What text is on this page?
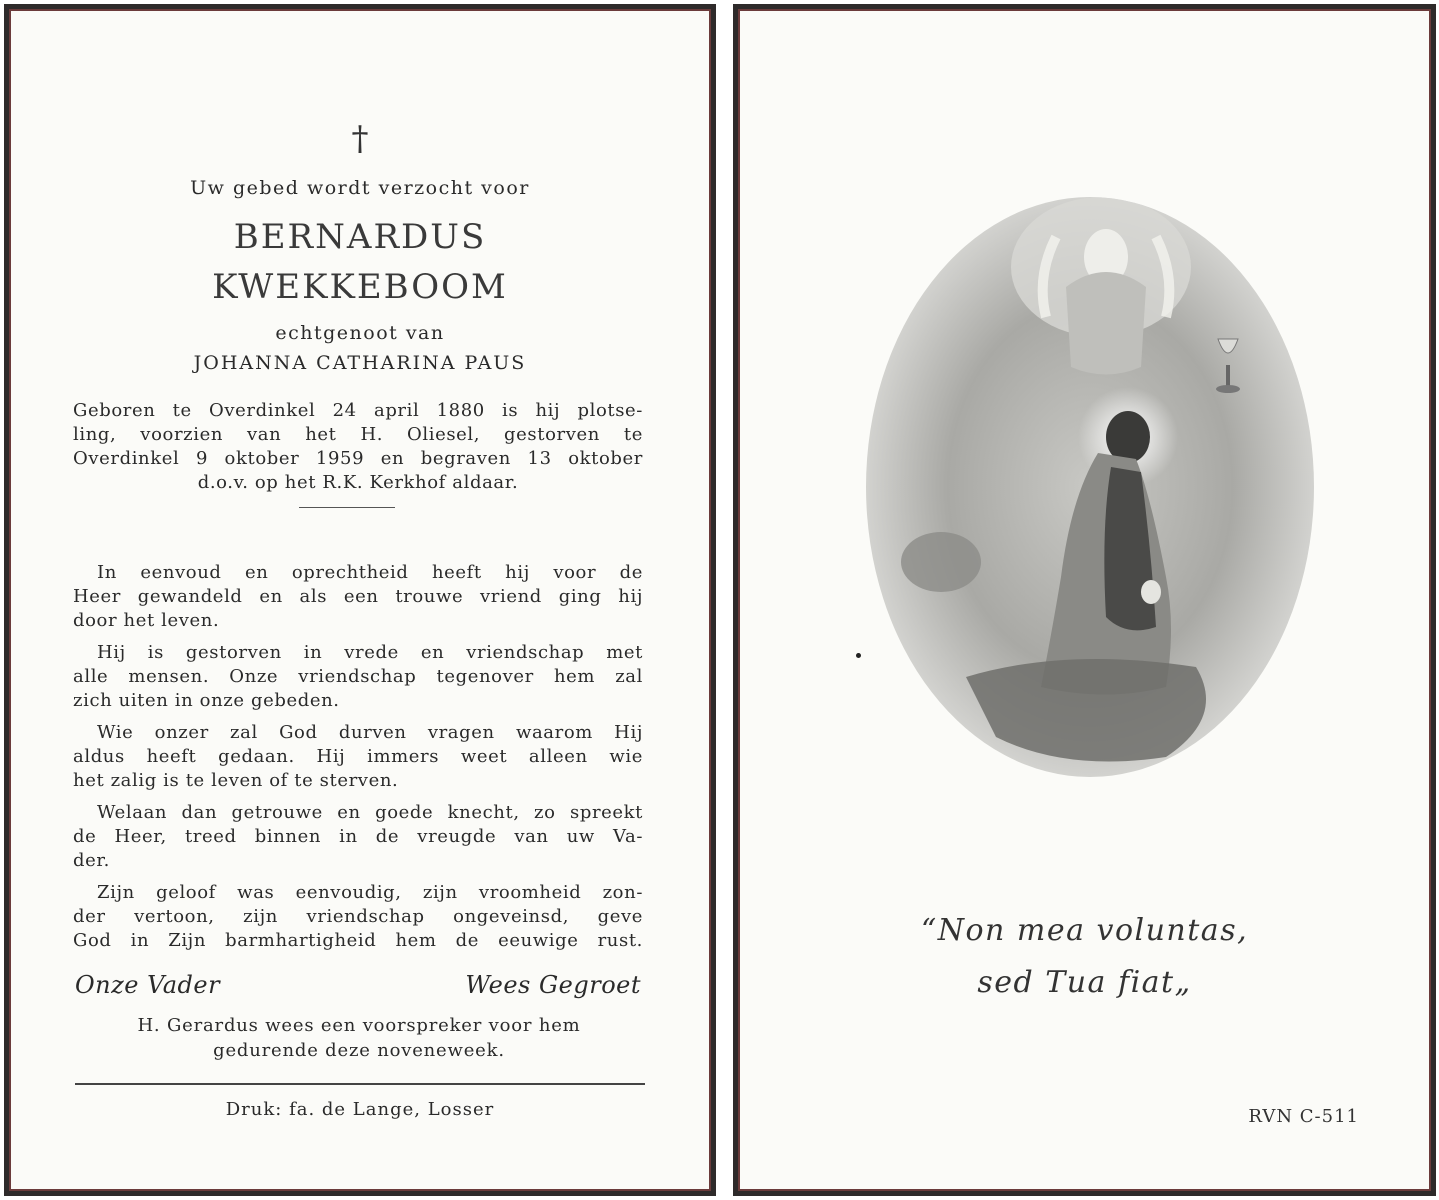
†
Uw gebed wordt verzocht voor
BERNARDUS
KWEKKEBOOM
echtgenoot van
JOHANNA CATHARINA PAUS
Geboren te Overdinkel 24 april 1880 is hij plotse-
ling, voorzien van het H. Oliesel, gestorven te
Overdinkel 9 oktober 1959 en begraven 13 oktober
d.o.v. op het R.K. Kerkhof aldaar.
In eenvoud en oprechtheid heeft hij voor de
Heer gewandeld en als een trouwe vriend ging hij
door het leven.
Hij is gestorven in vrede en vriendschap met
alle mensen. Onze vriendschap tegenover hem zal
zich uiten in onze gebeden.
Wie onzer zal God durven vragen waarom Hij
aldus heeft gedaan. Hij immers weet alleen wie
het zalig is te leven of te sterven.
Welaan dan getrouwe en goede knecht, zo spreekt
de Heer, treed binnen in de vreugde van uw Va-
der.
Zijn geloof was eenvoudig, zijn vroomheid zon-
der vertoon, zijn vriendschap ongeveinsd, geve
God in Zijn barmhartigheid hem de eeuwige rust.
Onze Vader	Wees Gegroet
H. Gerardus wees een voorspreker voor hem
gedurende deze noveneweek.
Druk: fa. de Lange, Losser
“Non mea voluntas,
sed Tua fiat„
RVN C-511
